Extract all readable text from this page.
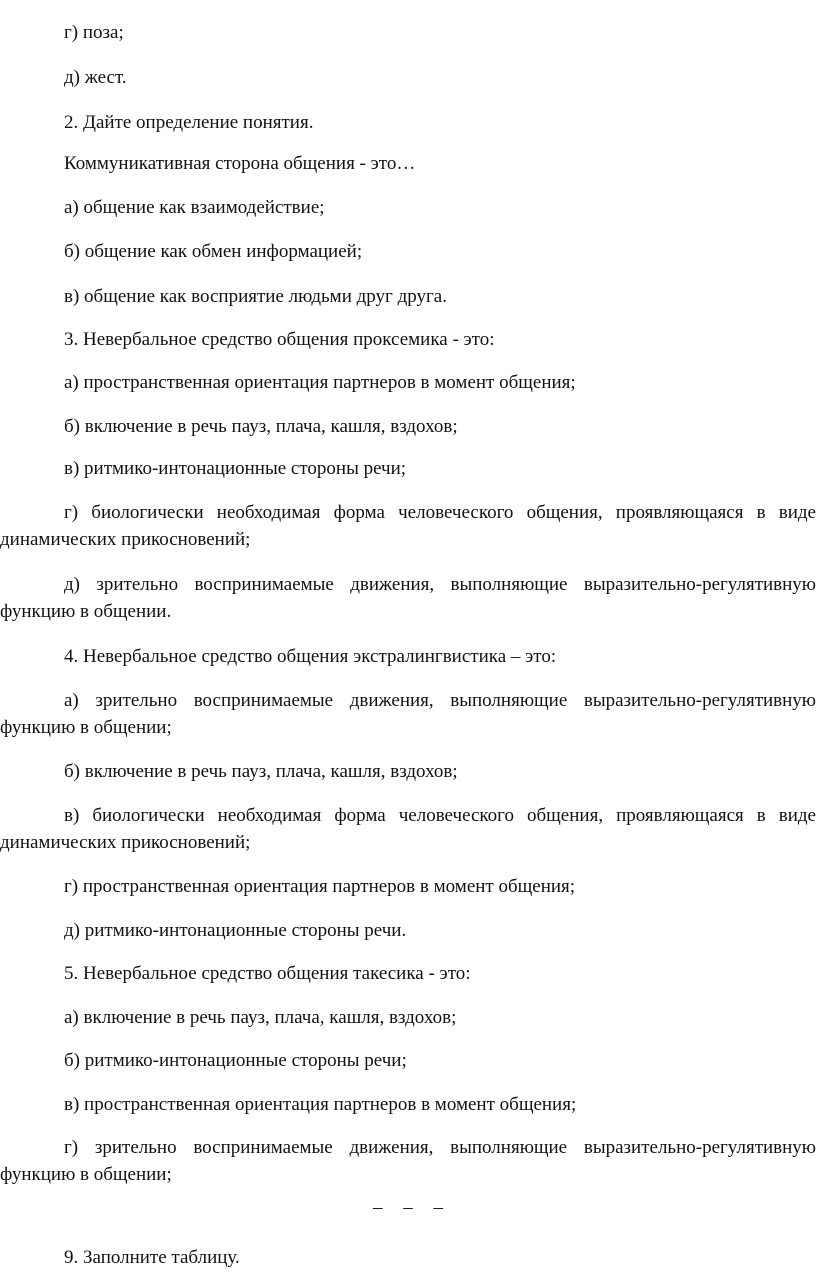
г) поза;
д) жест.
2. Дайте определение понятия.
Коммуникативная сторона общения - это…
а) общение как взаимодействие;
б) общение как обмен информацией;
в) общение как восприятие людьми друг друга.
3. Невербальное средство общения проксемика - это:
а) пространственная ориентация партнеров в момент общения;
б) включение в речь пауз, плача, кашля, вздохов;
в) ритмико-интонационные стороны речи;
г) биологически необходимая форма человеческого общения, проявляющаяся в виде динамических прикосновений;
д) зрительно воспринимаемые движения, выполняющие выразительно-регулятивную функцию в общении.
4. Невербальное средство общения экстралингвистика – это:
а) зрительно воспринимаемые движения, выполняющие выразительно-регулятивную функцию в общении;
б) включение в речь пауз, плача, кашля, вздохов;
в) биологически необходимая форма человеческого общения, проявляющаяся в виде динамических прикосновений;
г) пространственная ориентация партнеров в момент общения;
д) ритмико-интонационные стороны речи.
5. Невербальное средство общения такесика - это:
а) включение в речь пауз, плача, кашля, вздохов;
б) ритмико-интонационные стороны речи;
в) пространственная ориентация партнеров в момент общения;
г) зрительно воспринимаемые движения, выполняющие выразительно-регулятивную функцию в общении;
– – –
9. Заполните таблицу.
